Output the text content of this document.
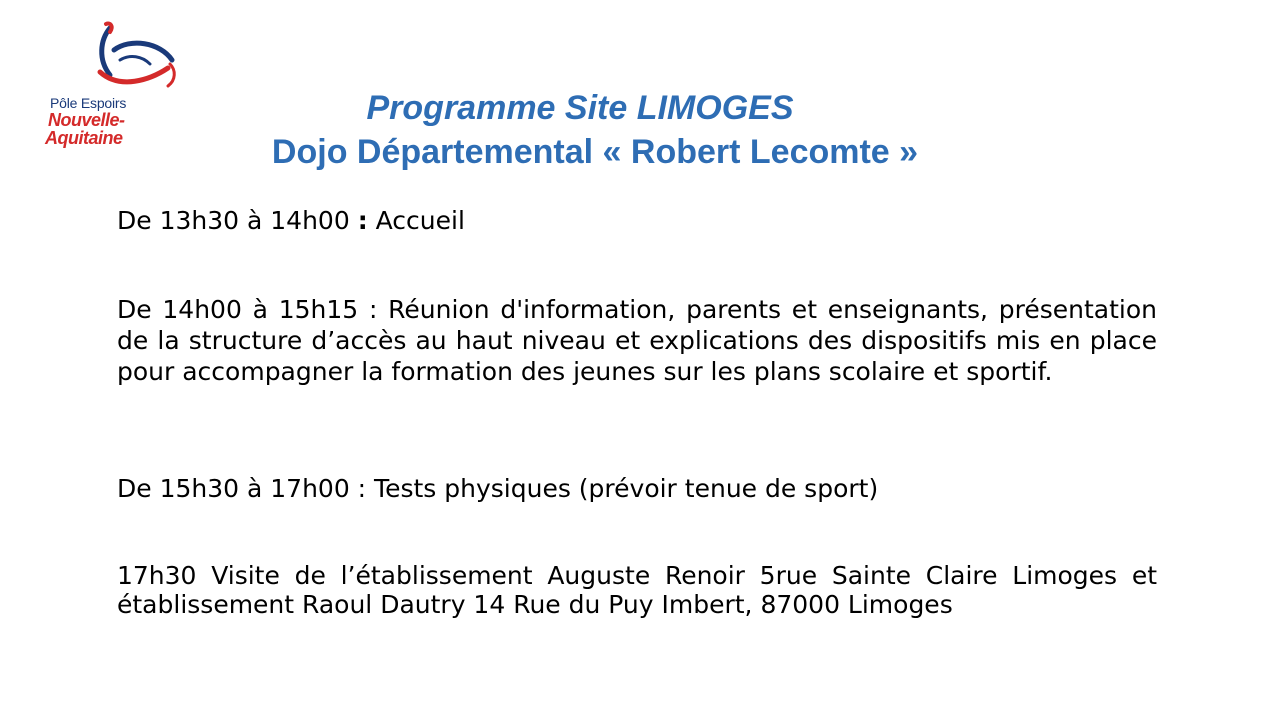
Pôle Espoirs
Nouvelle-
Aquitaine
Programme Site LIMOGES
Dojo Départemental « Robert Lecomte »

De 13h30 à 14h00 : Accueil

De 14h00 à 15h15 : Réunion d'information, parents et enseignants, présentation de la structure d’accès au haut niveau et explications des dispositifs mis en place pour accompagner la formation des jeunes sur les plans scolaire et sportif.

De 15h30 à 17h00 : Tests physiques (prévoir tenue de sport)

17h30 Visite de l’établissement Auguste Renoir 5rue Sainte Claire Limoges et établissement Raoul Dautry 14 Rue du Puy Imbert, 87000 Limoges
